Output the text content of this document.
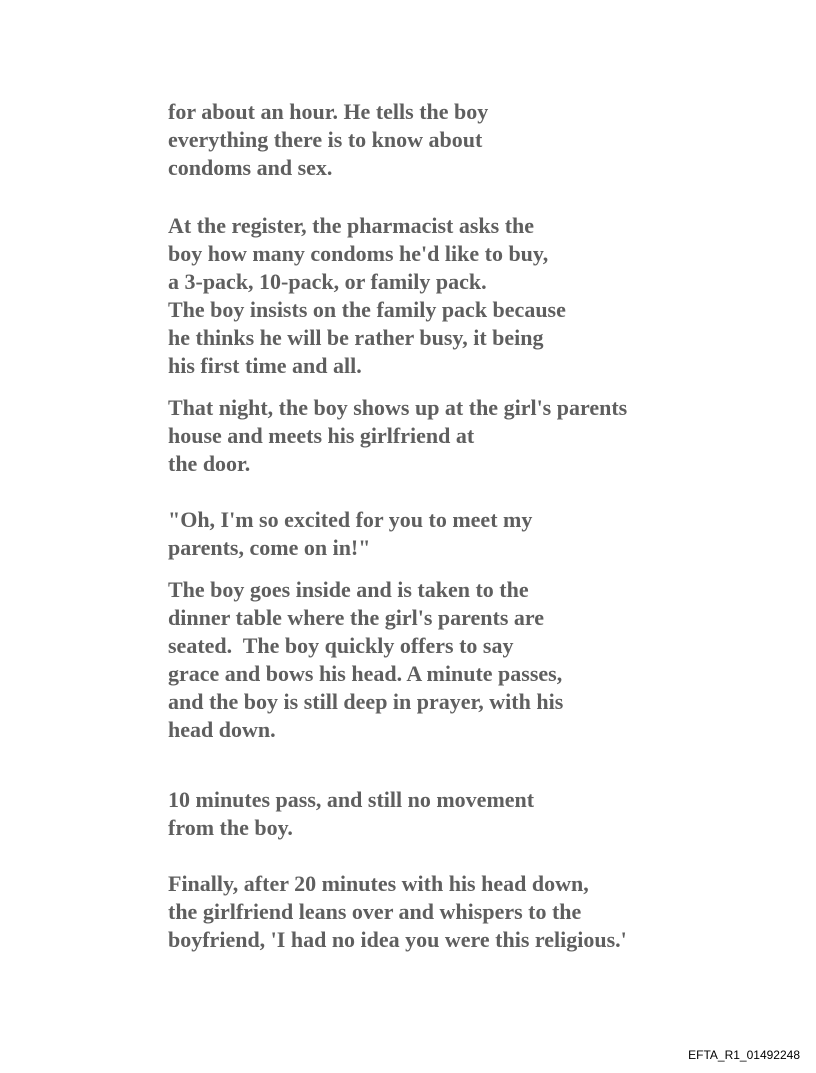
for about an hour. He tells the boy
everything there is to know about
condoms and sex.
At the register, the pharmacist asks the
boy how many condoms he'd like to buy,
a 3-pack, 10-pack, or family pack.
The boy insists on the family pack because
he thinks he will be rather busy, it being
his first time and all.
That night, the boy shows up at the girl's parents
house and meets his girlfriend at
the door.
"Oh, I'm so excited for you to meet my
parents, come on in!"
The boy goes inside and is taken to the
dinner table where the girl's parents are
seated.  The boy quickly offers to say
grace and bows his head. A minute passes,
and the boy is still deep in prayer, with his
head down.
10 minutes pass, and still no movement
from the boy.
Finally, after 20 minutes with his head down,
the girlfriend leans over and whispers to the
boyfriend, 'I had no idea you were this religious.'
EFTA_R1_01492248
